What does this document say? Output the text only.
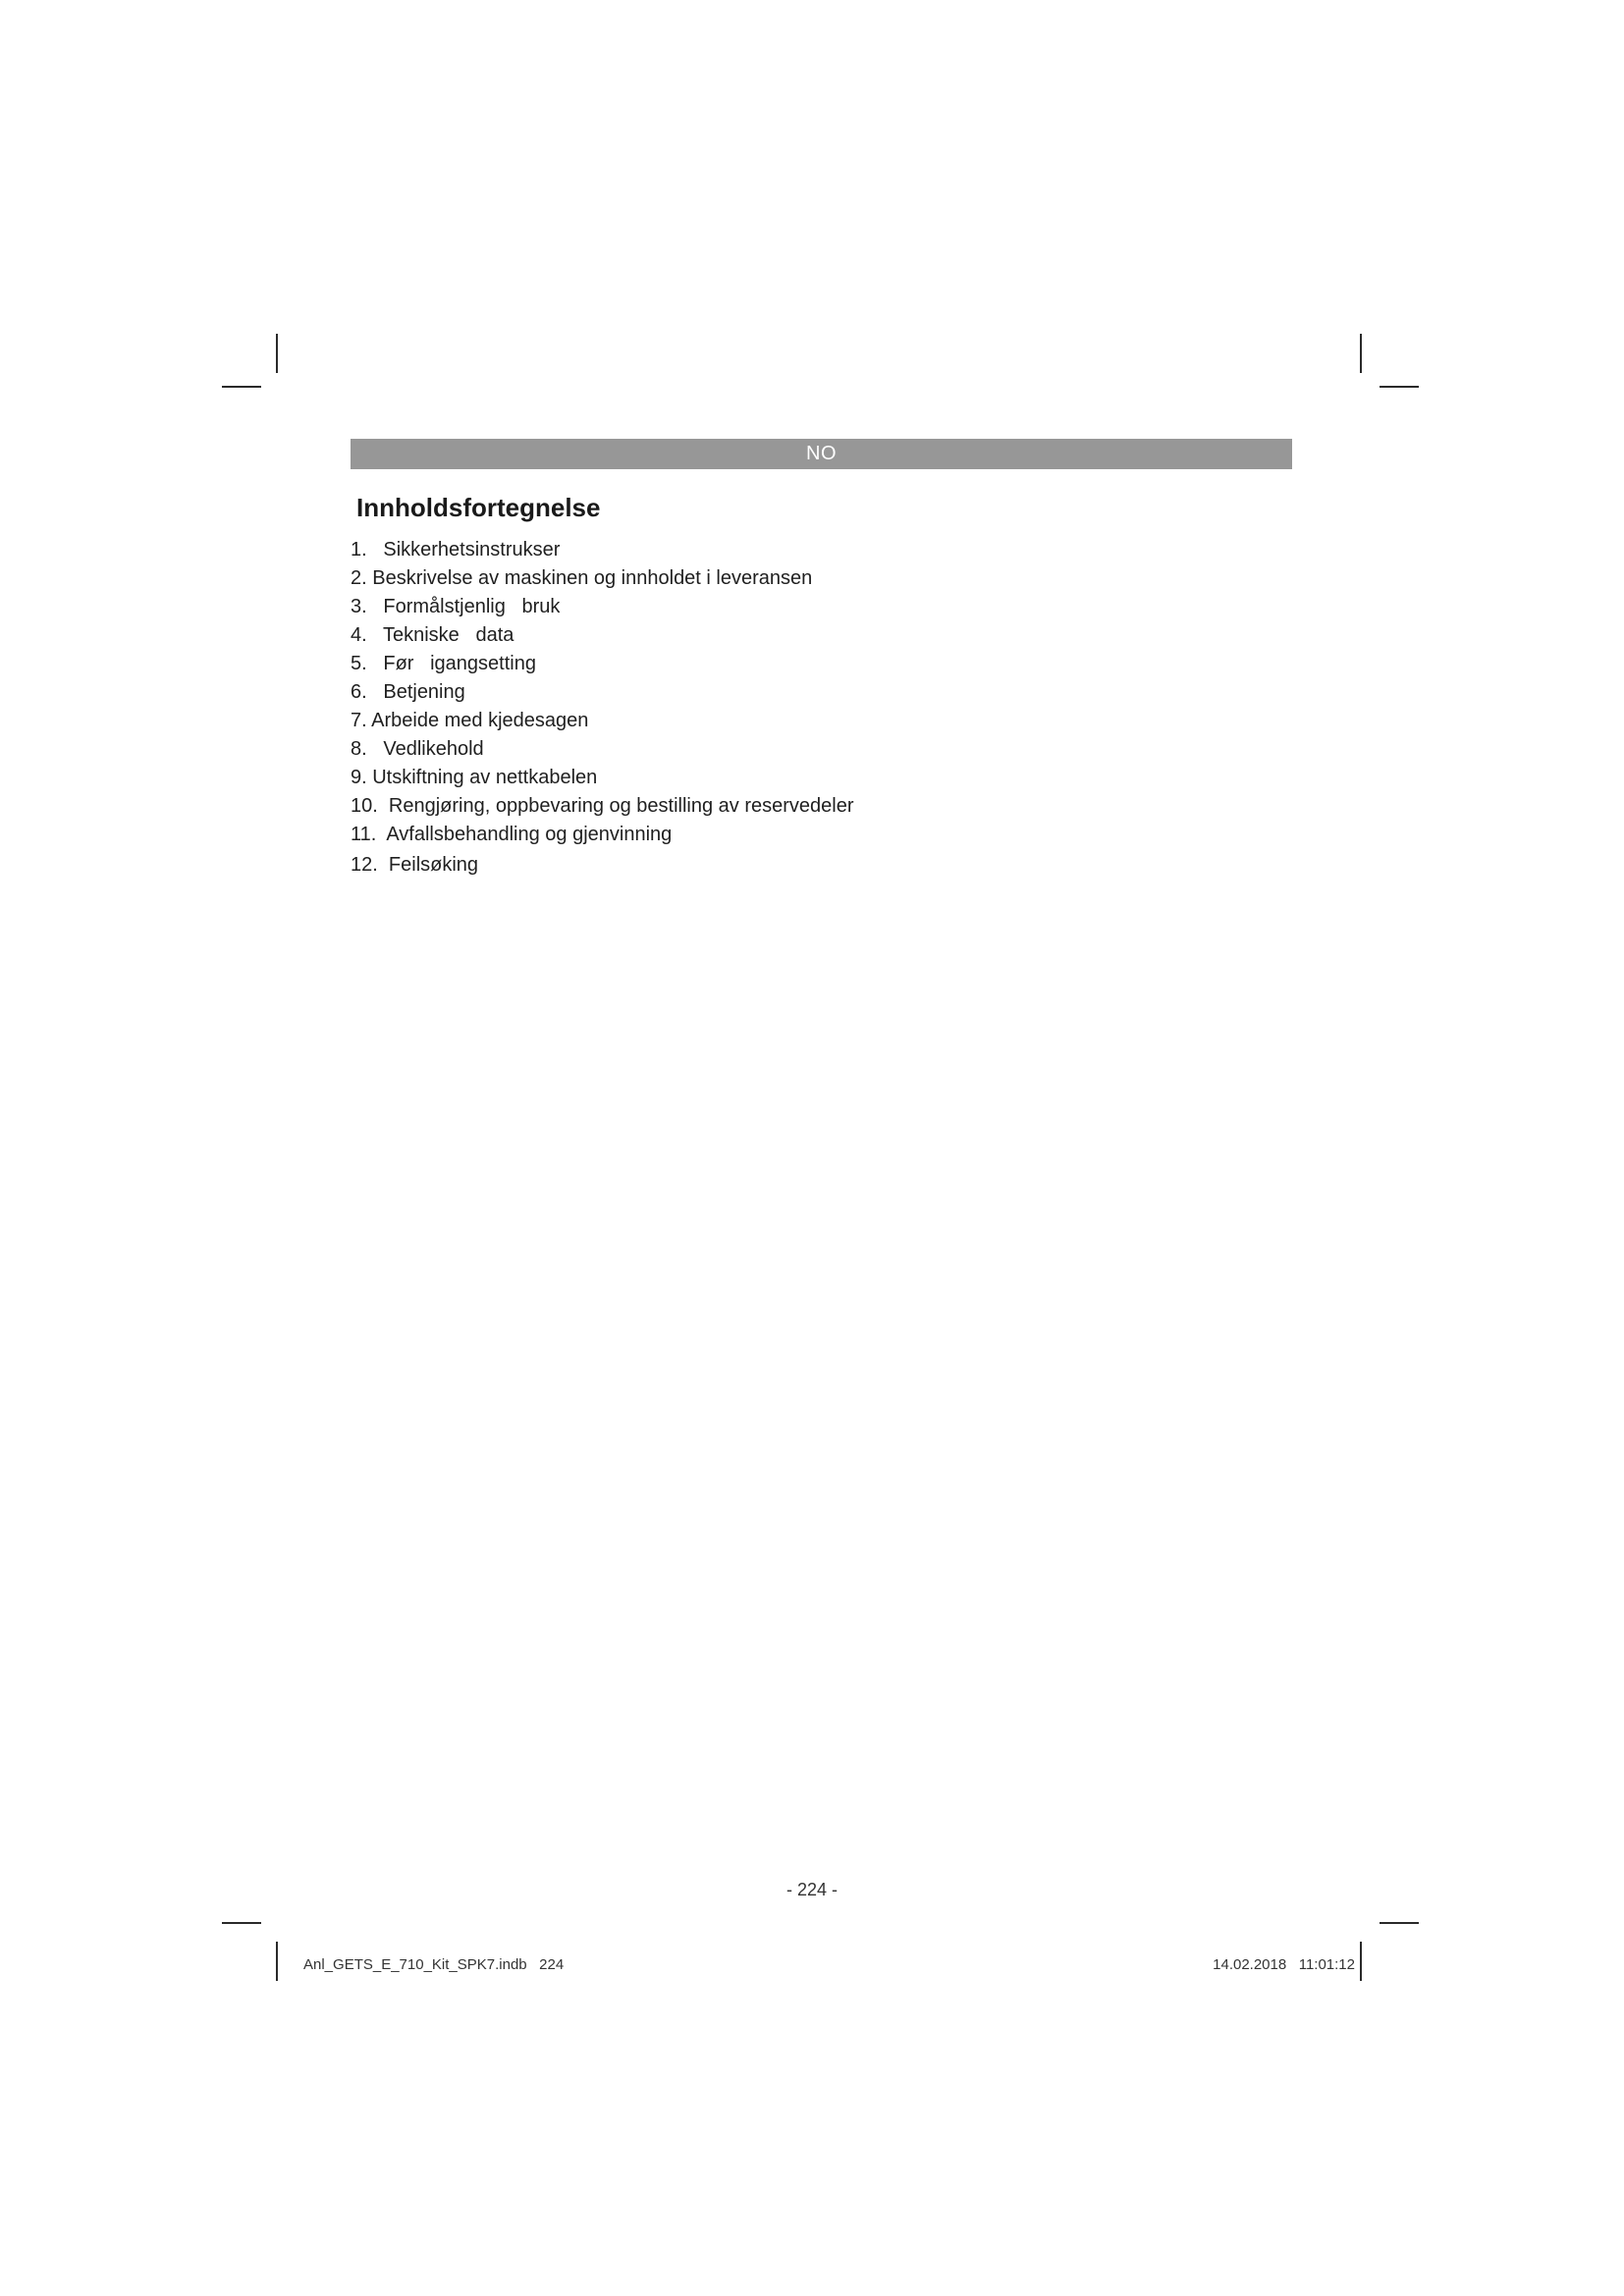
NO
Innholdsfortegnelse
1.   Sikkerhetsinstrukser
2. Beskrivelse av maskinen og innholdet i leveransen
3.   Formålstjenlig   bruk
4.   Tekniske   data
5.   Før   igangsetting
6.   Betjening
7. Arbeide med kjedesagen
8.   Vedlikehold
9. Utskiftning av nettkabelen
10.  Rengjøring, oppbevaring og bestilling av reservedeler
11.  Avfallsbehandling og gjenvinning
12.  Feilsøking
- 224 -
Anl_GETS_E_710_Kit_SPK7.indb   224	14.02.2018   11:01:12
